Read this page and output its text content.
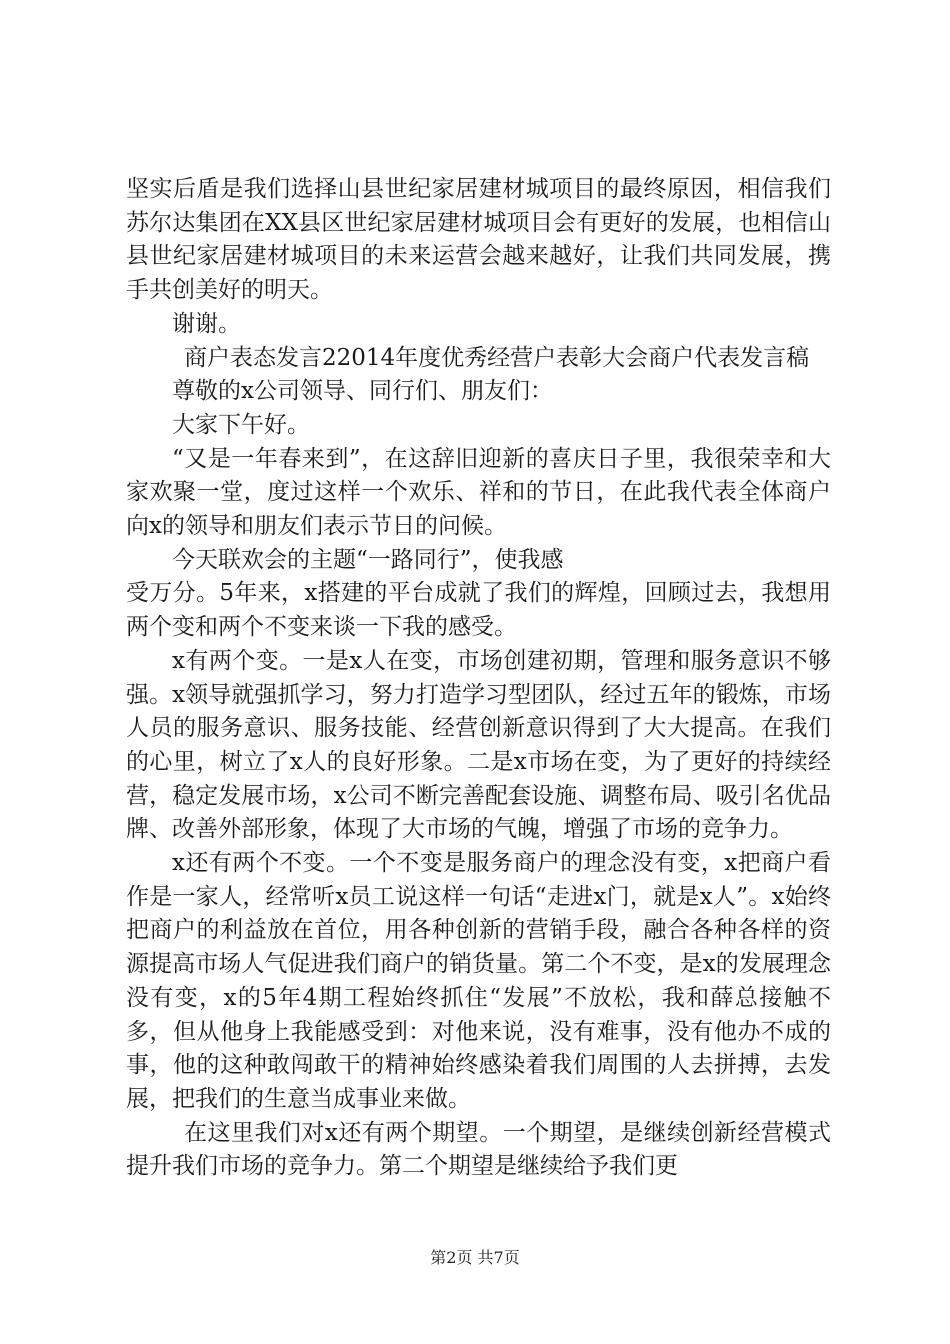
坚实后盾是我们选择山县世纪家居建材城项目的最终原因，相信我们苏尔达集团在XX县区世纪家居建材城项目会有更好的发展，也相信山县世纪家居建材城项目的未来运营会越来越好，让我们共同发展，携手共创美好的明天。

谢谢。

商户表态发言22014年度优秀经营户表彰大会商户代表发言稿

尊敬的x公司领导、同行们、朋友们：

大家下午好。

“又是一年春来到”，在这辞旧迎新的喜庆日子里，我很荣幸和大家欢聚一堂，度过这样一个欢乐、祥和的节日，在此我代表全体商户向x的领导和朋友们表示节日的问候。

今天联欢会的主题“一路同行”，使我感

受万分。5年来，x搭建的平台成就了我们的辉煌，回顾过去，我想用两个变和两个不变来谈一下我的感受。

x有两个变。一是x人在变，市场创建初期，管理和服务意识不够强。x领导就强抓学习，努力打造学习型团队，经过五年的锻炼，市场人员的服务意识、服务技能、经营创新意识得到了大大提高。在我们的心里，树立了x人的良好形象。二是x市场在变，为了更好的持续经营，稳定发展市场，x公司不断完善配套设施、调整布局、吸引名优品牌、改善外部形象，体现了大市场的气魄，增强了市场的竞争力。

x还有两个不变。一个不变是服务商户的理念没有变，x把商户看作是一家人，经常听x员工说这样一句话“走进x门，就是x人”。x始终把商户的利益放在首位，用各种创新的营销手段，融合各种各样的资源提高市场人气促进我们商户的销货量。第二个不变，是x的发展理念没有变，x的5年4期工程始终抓住“发展”不放松，我和薛总接触不多，但从他身上我能感受到：对他来说，没有难事，没有他办不成的事，他的这种敢闯敢干的精神始终感染着我们周围的人去拼搏，去发展，把我们的生意当成事业来做。

在这里我们对x还有两个期望。一个期望，是继续创新经营模式提升我们市场的竞争力。第二个期望是继续给予我们更

第2页 共7页
